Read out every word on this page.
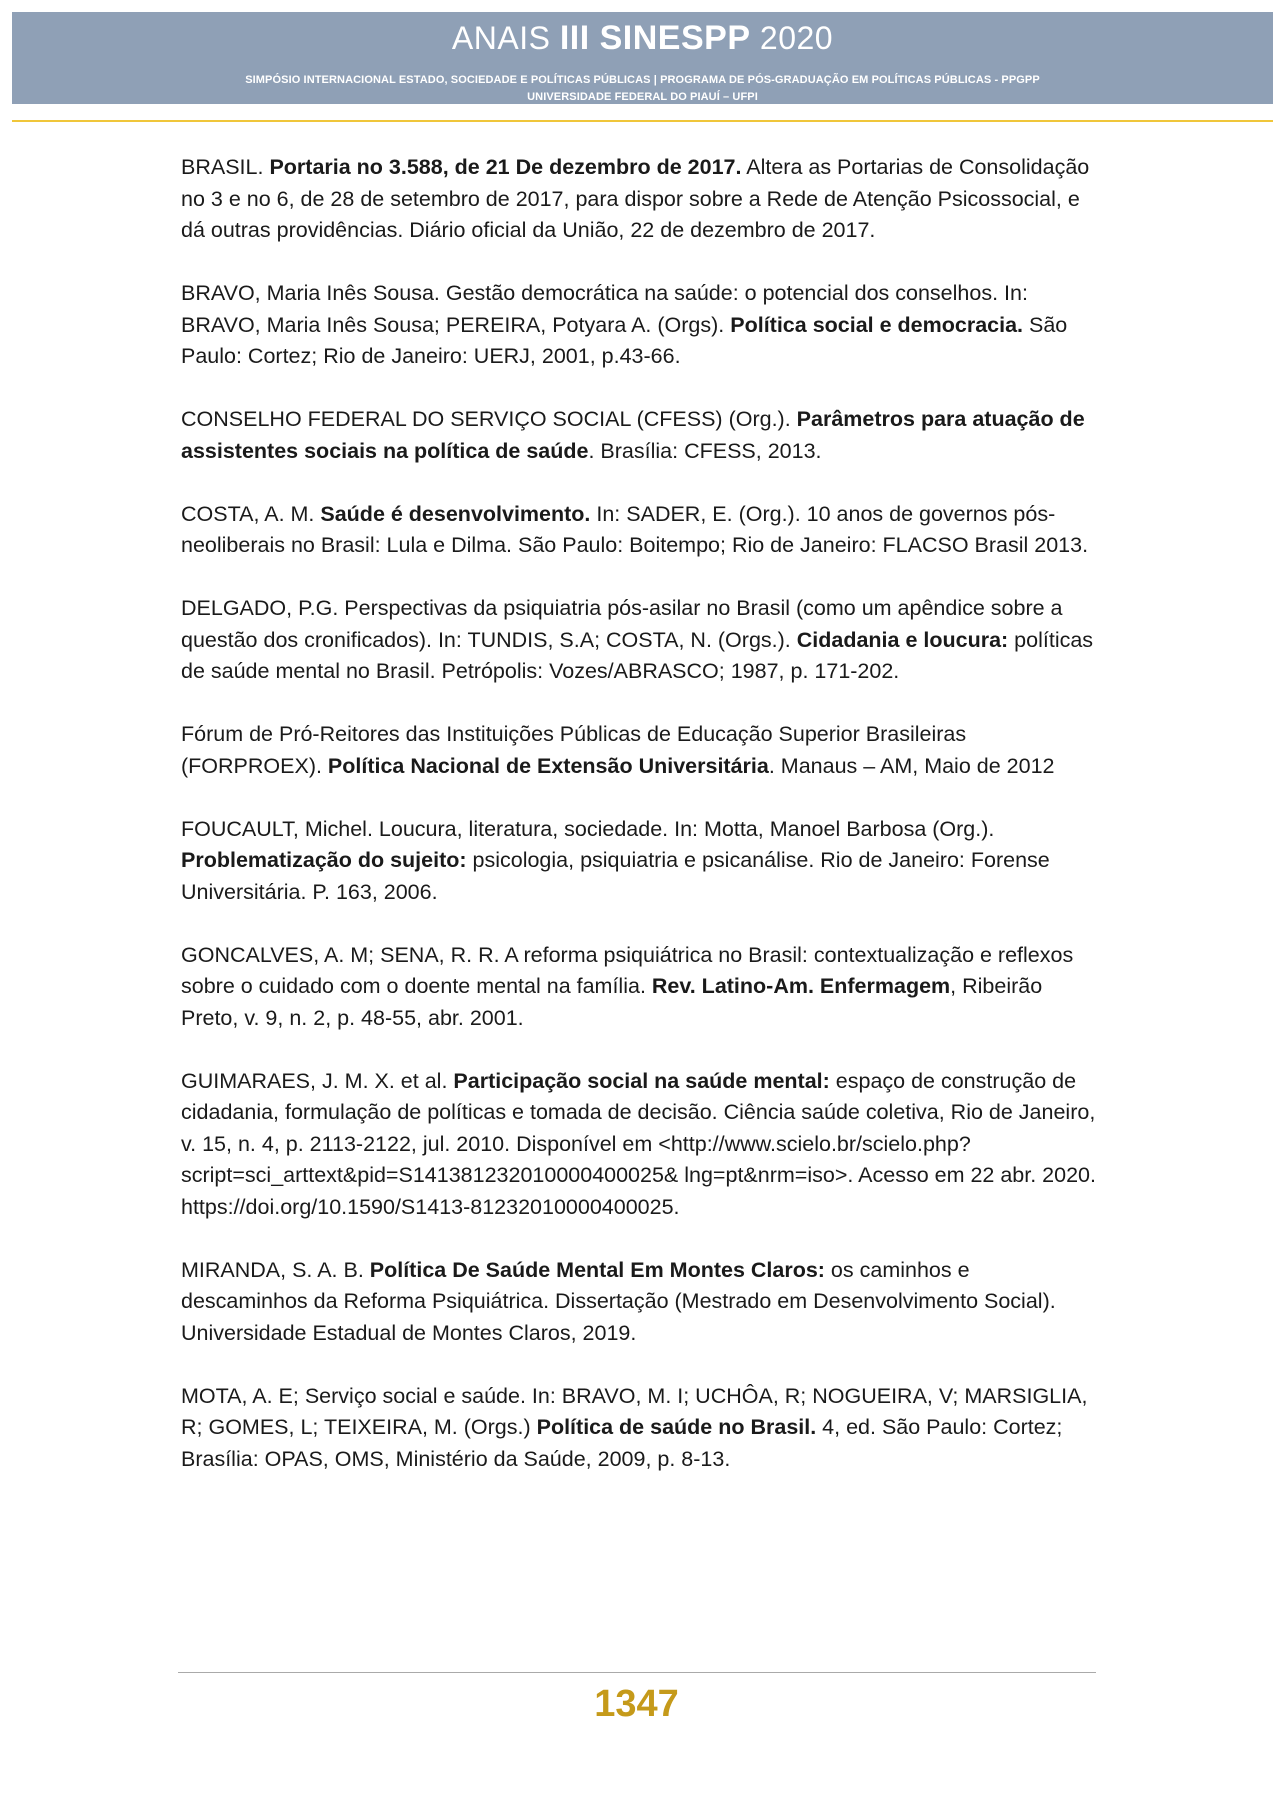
ANAIS III SINESPP 2020
SIMPÓSIO INTERNACIONAL ESTADO, SOCIEDADE E POLÍTICAS PÚBLICAS | PROGRAMA DE PÓS-GRADUAÇÃO EM POLÍTICAS PÚBLICAS - PPGPP
UNIVERSIDADE FEDERAL DO PIAUÍ – UFPI

BRASIL. Portaria no 3.588, de 21 De dezembro de 2017. Altera as Portarias de Consolidação no 3 e no 6, de 28 de setembro de 2017, para dispor sobre a Rede de Atenção Psicossocial, e dá outras providências. Diário oficial da União, 22 de dezembro de 2017.

BRAVO, Maria Inês Sousa. Gestão democrática na saúde: o potencial dos conselhos. In: BRAVO, Maria Inês Sousa; PEREIRA, Potyara A. (Orgs). Política social e democracia. São Paulo: Cortez; Rio de Janeiro: UERJ, 2001, p.43-66.

CONSELHO FEDERAL DO SERVIÇO SOCIAL (CFESS) (Org.). Parâmetros para atuação de assistentes sociais na política de saúde. Brasília: CFESS, 2013.

COSTA, A. M. Saúde é desenvolvimento. In: SADER, E. (Org.). 10 anos de governos pós-neoliberais no Brasil: Lula e Dilma. São Paulo: Boitempo; Rio de Janeiro: FLACSO Brasil 2013.

DELGADO, P.G. Perspectivas da psiquiatria pós-asilar no Brasil (como um apêndice sobre a questão dos cronificados). In: TUNDIS, S.A; COSTA, N. (Orgs.). Cidadania e loucura: políticas de saúde mental no Brasil. Petrópolis: Vozes/ABRASCO; 1987, p. 171-202.

Fórum de Pró-Reitores das Instituições Públicas de Educação Superior Brasileiras (FORPROEX). Política Nacional de Extensão Universitária. Manaus – AM, Maio de 2012

FOUCAULT, Michel. Loucura, literatura, sociedade. In: Motta, Manoel Barbosa (Org.). Problematização do sujeito: psicologia, psiquiatria e psicanálise. Rio de Janeiro: Forense Universitária. P. 163, 2006.

GONCALVES, A. M; SENA, R. R. A reforma psiquiátrica no Brasil: contextualização e reflexos sobre o cuidado com o doente mental na família. Rev. Latino-Am. Enfermagem, Ribeirão Preto, v. 9, n. 2, p. 48-55, abr. 2001.

GUIMARAES, J. M. X. et al. Participação social na saúde mental: espaço de construção de cidadania, formulação de políticas e tomada de decisão. Ciência saúde coletiva, Rio de Janeiro, v. 15, n. 4, p. 2113-2122, jul. 2010. Disponível em <http://www.scielo.br/scielo.php?script=sci_arttext&pid=S141381232010000400025& lng=pt&nrm=iso>. Acesso em 22 abr. 2020. https://doi.org/10.1590/S1413-81232010000400025.

MIRANDA, S. A. B. Política De Saúde Mental Em Montes Claros: os caminhos e descaminhos da Reforma Psiquiátrica. Dissertação (Mestrado em Desenvolvimento Social). Universidade Estadual de Montes Claros, 2019.

MOTA, A. E; Serviço social e saúde. In: BRAVO, M. I; UCHÔA, R; NOGUEIRA, V; MARSIGLIA, R; GOMES, L; TEIXEIRA, M. (Orgs.) Política de saúde no Brasil. 4, ed. São Paulo: Cortez; Brasília: OPAS, OMS, Ministério da Saúde, 2009, p. 8-13.

1347
